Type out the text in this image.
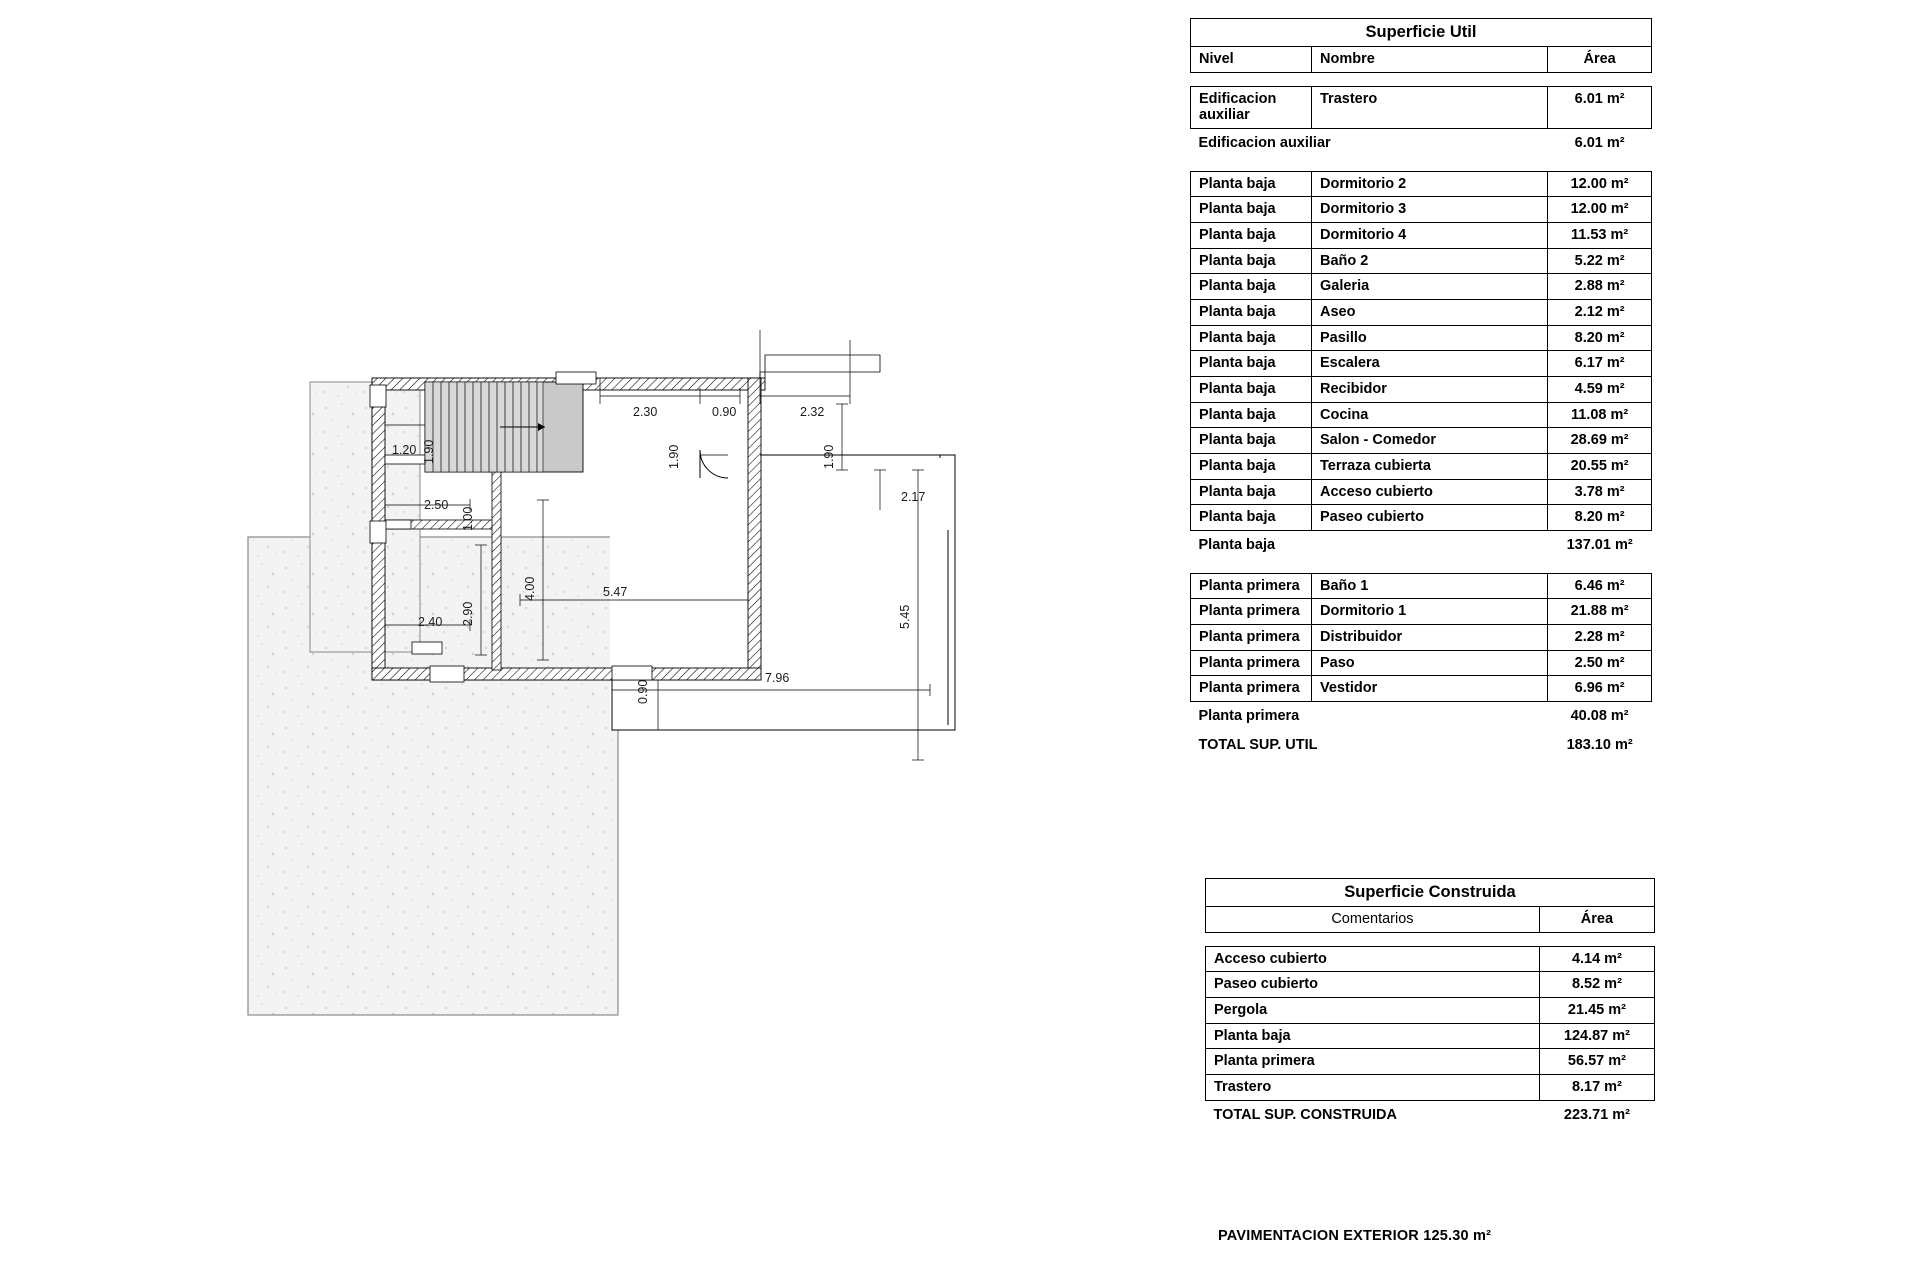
1.20 1.90
2.30	0.90	2.32
1.90	1.90
2.50
1.00
2.17
4.00
2.90
5.47
2.40	5.45
7.96
0.90
Superficie Util		
Nivel	Nombre	Área

Edificacion auxiliar	Trastero	6.01 m²
Edificacion auxiliar		6.01 m²

Planta baja	Dormitorio 2	12.00 m²
Planta baja	Dormitorio 3	12.00 m²
Planta baja	Dormitorio 4	11.53 m²
Planta baja	Baño 2	5.22 m²
Planta baja	Galeria	2.88 m²
Planta baja	Aseo	2.12 m²
Planta baja	Pasillo	8.20 m²
Planta baja	Escalera	6.17 m²
Planta baja	Recibidor	4.59 m²
Planta baja	Cocina	11.08 m²
Planta baja	Salon - Comedor	28.69 m²
Planta baja	Terraza cubierta	20.55 m²
Planta baja	Acceso cubierto	3.78 m²
Planta baja	Paseo cubierto	8.20 m²
Planta baja		137.01 m²

Planta primera	Baño 1	6.46 m²
Planta primera	Dormitorio 1	21.88 m²
Planta primera	Distribuidor	2.28 m²
Planta primera	Paso	2.50 m²
Planta primera	Vestidor	6.96 m²
Planta primera		40.08 m²
TOTAL SUP. UTIL		183.10 m²
Superficie Construida	
Comentarios	Área

Acceso cubierto	4.14 m²
Paseo cubierto	8.52 m²
Pergola	21.45 m²
Planta baja	124.87 m²
Planta primera	56.57 m²
Trastero	8.17 m²
TOTAL SUP. CONSTRUIDA	223.71 m²
PAVIMENTACION EXTERIOR 125.30 m²
